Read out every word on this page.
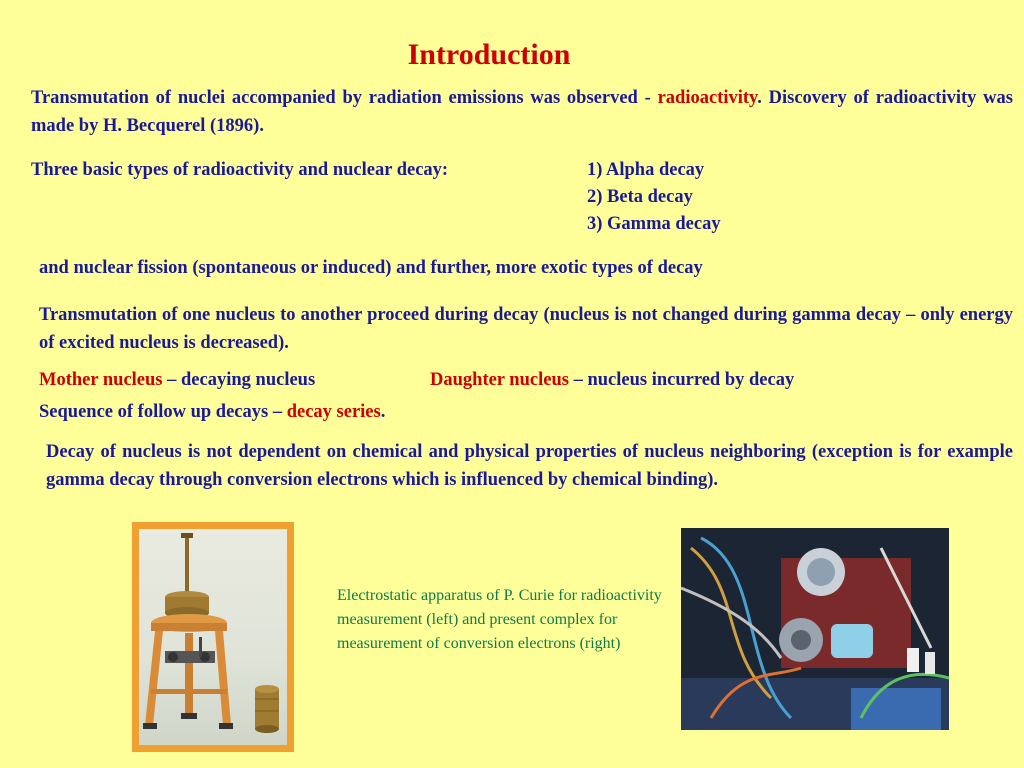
Introduction
Transmutation of nuclei accompanied by radiation emissions was observed - radioactivity. Discovery of radioactivity was made by H. Becquerel (1896).
Three basic types of radioactivity and nuclear decay:	1) Alpha decay
2) Beta decay
3) Gamma decay
and nuclear fission (spontaneous or induced) and further, more exotic types of decay
Transmutation of one nucleus to another proceed during decay (nucleus is not changed during gamma decay – only energy of excited nucleus is decreased).
Mother nucleus – decaying nucleus	Daughter nucleus – nucleus incurred by decay
Sequence of follow up decays – decay series.
Decay of nucleus is not dependent on chemical and physical properties of nucleus neighboring (exception is for example gamma decay through conversion electrons which is influenced by chemical binding).
Electrostatic apparatus of P. Curie for radioactivity measurement (left) and present complex for measurement of conversion electrons (right)
